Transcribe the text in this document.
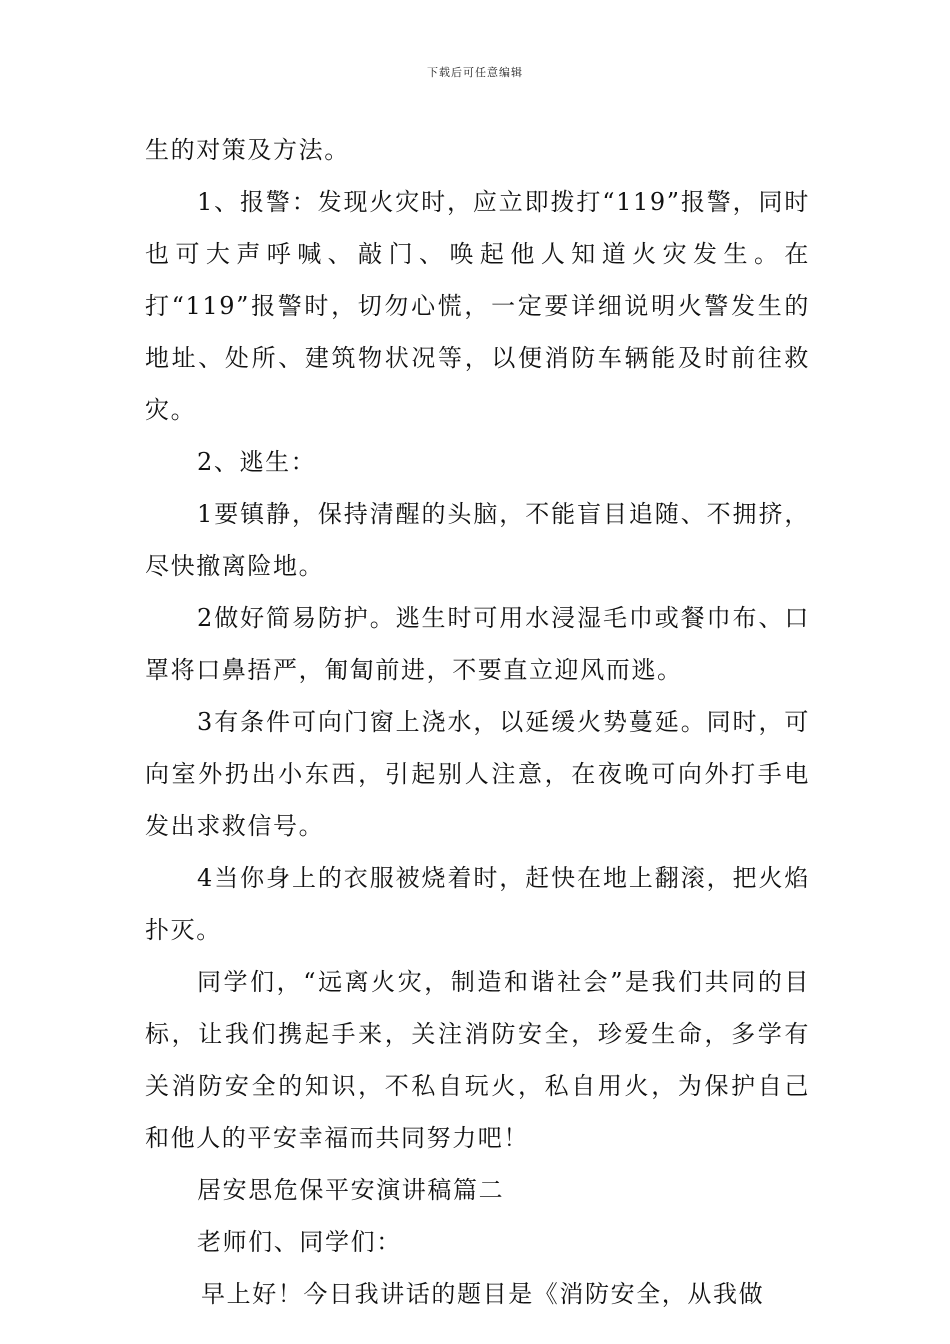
下载后可任意编辑

生的对策及方法。

1、报警：发现火灾时，应立即拨打“119”报警，同时也可大声呼喊、敲门、唤起他人知道火灾发生。在打“119”报警时，切勿心慌，一定要详细说明火警发生的地址、处所、建筑物状况等，以便消防车辆能及时前往救灾。

2、逃生：

1要镇静，保持清醒的头脑，不能盲目追随、不拥挤，尽快撤离险地。

2做好简易防护。逃生时可用水浸湿毛巾或餐巾布、口罩将口鼻捂严，匍匐前进，不要直立迎风而逃。

3有条件可向门窗上浇水，以延缓火势蔓延。同时，可向室外扔出小东西，引起别人注意，在夜晚可向外打手电发出求救信号。

4当你身上的衣服被烧着时，赶快在地上翻滚，把火焰扑灭。

同学们，“远离火灾，制造和谐社会”是我们共同的目标，让我们携起手来，关注消防安全，珍爱生命，多学有关消防安全的知识，不私自玩火，私自用火，为保护自己和他人的平安幸福而共同努力吧！

居安思危保平安演讲稿篇二

老师们、同学们：

早上好！今日我讲话的题目是《消防安全，从我做
